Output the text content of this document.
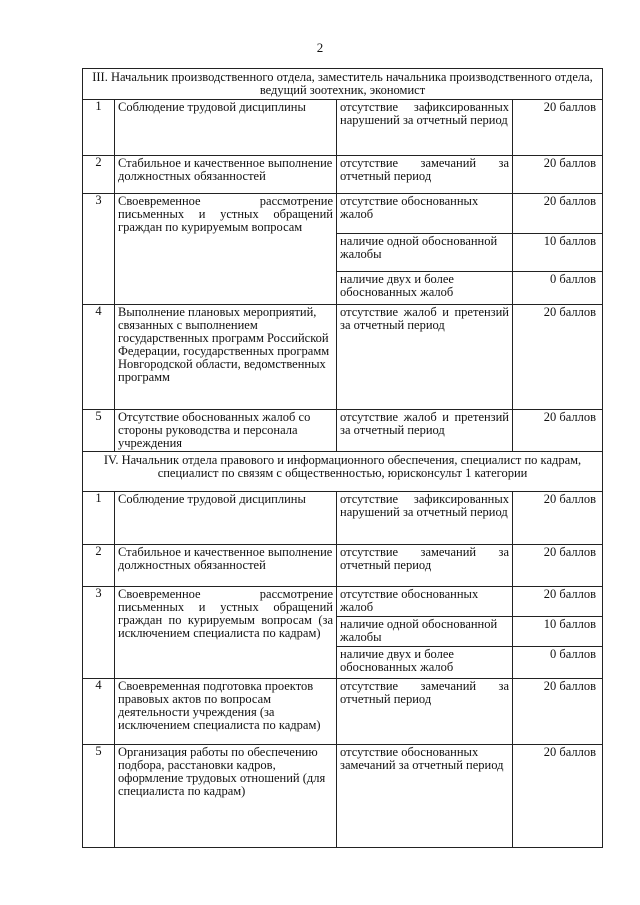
2
III. Начальник производственного отдела, заместитель начальника производственного отдела, ведущий зоотехник, экономист			
1	Соблюдение трудовой дисциплины	отсутствие зафиксированных нарушений за отчетный период	20 баллов
2	Стабильное и качественное выполнение должностных обязанностей	отсутствие замечаний за отчетный период	20 баллов
3	Своевременное рассмотрение письменных и устных обращений граждан по курируемым вопросам	отсутствие обоснованных жалоб	20 баллов
		наличие одной обоснованной жалобы	10 баллов
		наличие двух и более обоснованных жалоб	0 баллов
4	Выполнение плановых мероприятий, связанных с выполнением государственных программ Российской Федерации, государственных программ Новгородской области, ведомственных программ	отсутствие жалоб и претензий за отчетный период	20 баллов
5	Отсутствие обоснованных жалоб со стороны руководства и персонала учреждения	отсутствие жалоб и претензий за отчетный период	20 баллов
IV. Начальник отдела правового и информационного обеспечения, специалист по кадрам, специалист по связям с общественностью, юрисконсульт 1 категории			
1	Соблюдение трудовой дисциплины	отсутствие зафиксированных нарушений за отчетный период	20 баллов
2	Стабильное и качественное выполнение должностных обязанностей	отсутствие замечаний за отчетный период	20 баллов
3	Своевременное рассмотрение письменных и устных обращений граждан по курируемым вопросам (за исключением специалиста по кадрам)	отсутствие обоснованных жалоб	20 баллов
		наличие одной обоснованной жалобы	10 баллов
		наличие двух и более обоснованных жалоб	0 баллов
4	Своевременная подготовка проектов правовых актов по вопросам деятельности учреждения (за исключением специалиста по кадрам)	отсутствие замечаний за отчетный период	20 баллов
5	Организация работы по обеспечению подбора, расстановки кадров, оформление трудовых отношений (для специалиста по кадрам)	отсутствие обоснованных замечаний за отчетный период	20 баллов
